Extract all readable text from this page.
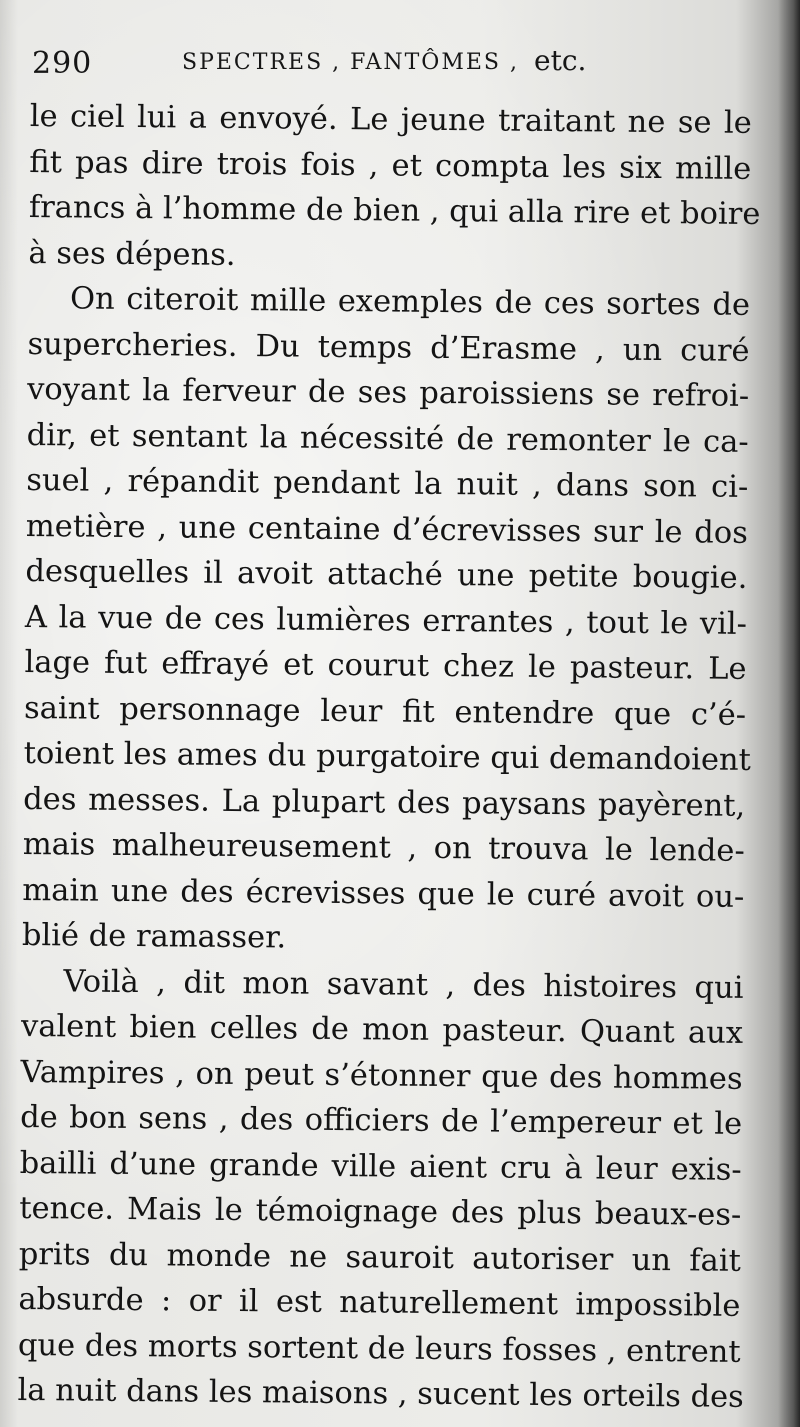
290	SPECTRES , FANTÔMES , etc.
le ciel lui a envoyé. Le jeune traitant ne se le
fit pas dire trois fois , et compta les six mille
francs à l’homme de bien , qui alla rire et boire
à ses dépens.
On citeroit mille exemples de ces sortes de
supercheries. Du temps d’Erasme , un curé
voyant la ferveur de ses paroissiens se refroi-
dir, et sentant la nécessité de remonter le ca-
suel , répandit pendant la nuit , dans son ci-
metière , une centaine d’écrevisses sur le dos
desquelles il avoit attaché une petite bougie.
A la vue de ces lumières errantes , tout le vil-
lage fut effrayé et courut chez le pasteur. Le
saint personnage leur fit entendre que c’é-
toient les ames du purgatoire qui demandoient
des messes. La plupart des paysans payèrent,
mais malheureusement , on trouva le lende-
main une des écrevisses que le curé avoit ou-
blié de ramasser.
Voilà , dit mon savant , des histoires qui
valent bien celles de mon pasteur. Quant aux
Vampires , on peut s’étonner que des hommes
de bon sens , des officiers de l’empereur et le
bailli d’une grande ville aient cru à leur exis-
tence. Mais le témoignage des plus beaux-es-
prits du monde ne sauroit autoriser un fait
absurde : or il est naturellement impossible
que des morts sortent de leurs fosses , entrent
la nuit dans les maisons , sucent les orteils des
